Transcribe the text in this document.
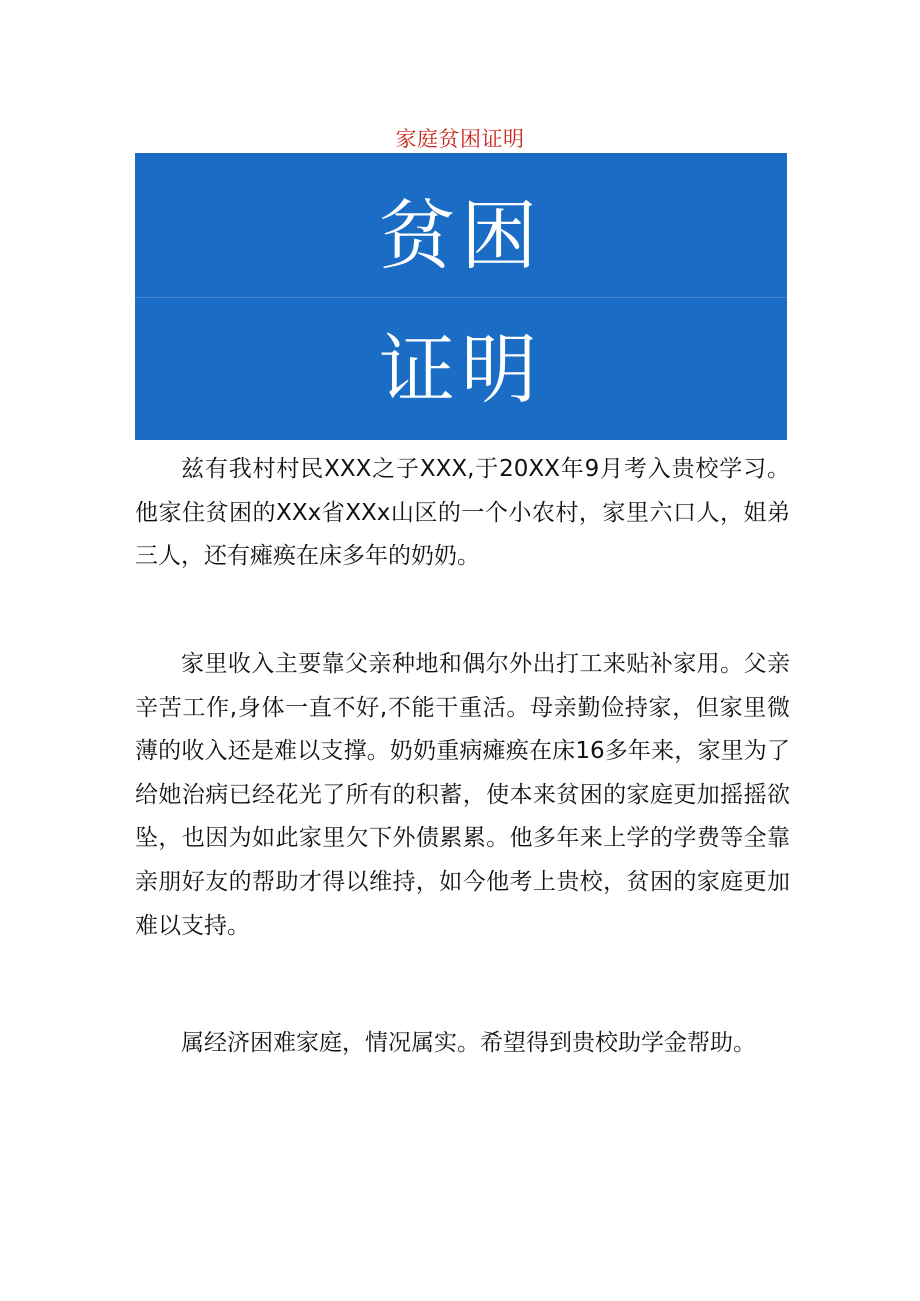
家庭贫困证明
贫困
证明

兹有我村村民XXX之子XXX,于20XX年9月考入贵校学习。他家住贫困的XXx省XXx山区的一个小农村，家里六口人，姐弟三人，还有瘫痪在床多年的奶奶。

家里收入主要靠父亲种地和偶尔外出打工来贴补家用。父亲辛苦工作,身体一直不好,不能干重活。母亲勤俭持家，但家里微薄的收入还是难以支撑。奶奶重病瘫痪在床16多年来，家里为了给她治病已经花光了所有的积蓄，使本来贫困的家庭更加摇摇欲坠，也因为如此家里欠下外债累累。他多年来上学的学费等全靠亲朋好友的帮助才得以维持，如今他考上贵校，贫困的家庭更加难以支持。

属经济困难家庭，情况属实。希望得到贵校助学金帮助。
